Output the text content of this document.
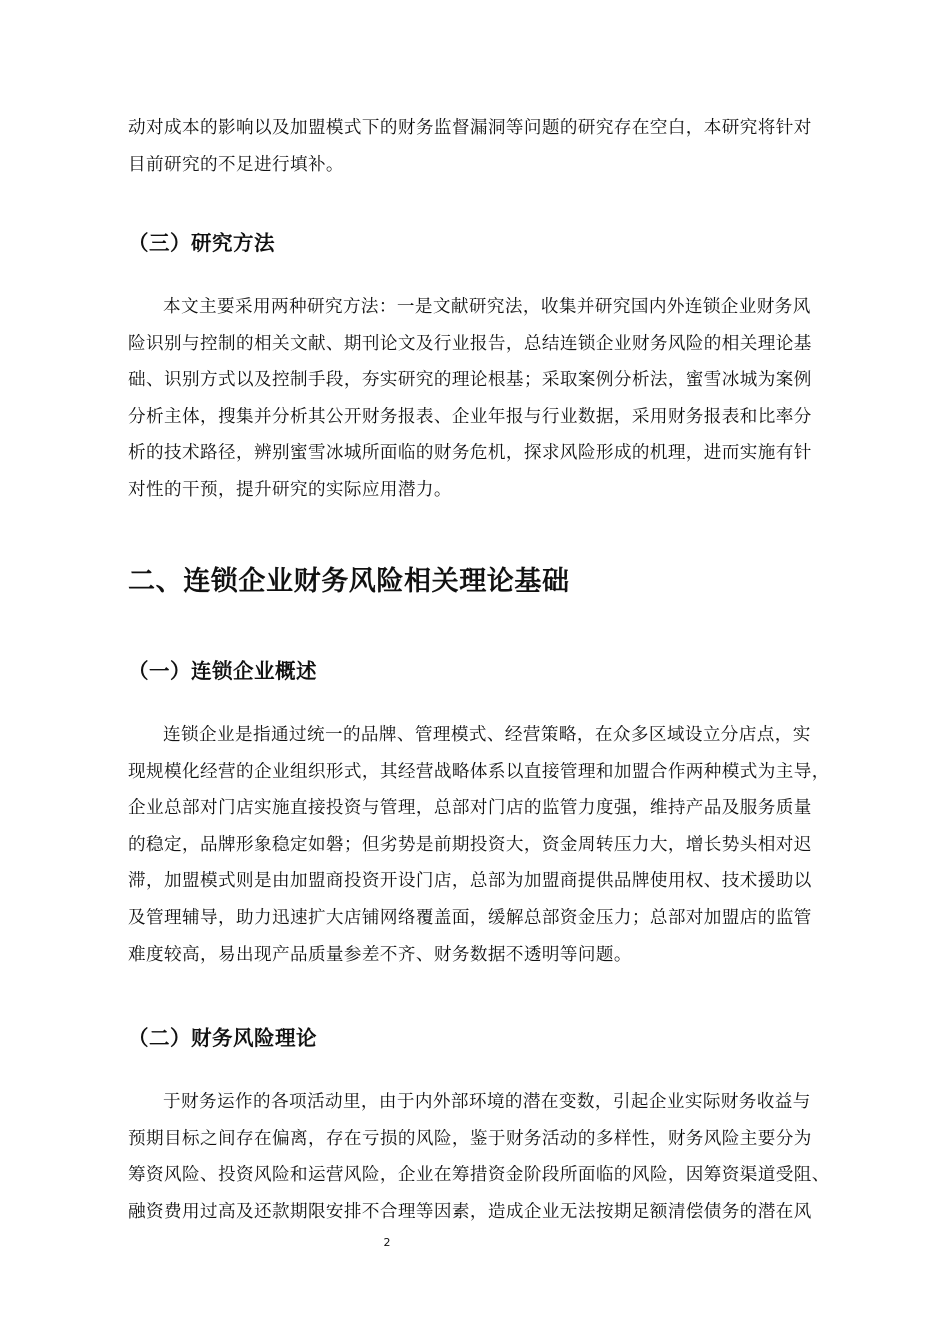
动对成本的影响以及加盟模式下的财务监督漏洞等问题的研究存在空白，本研究将针对
目前研究的不足进行填补。
（三）研究方法
本文主要采用两种研究方法：一是文献研究法，收集并研究国内外连锁企业财务风
险识别与控制的相关文献、期刊论文及行业报告，总结连锁企业财务风险的相关理论基
础、识别方式以及控制手段，夯实研究的理论根基；采取案例分析法，蜜雪冰城为案例
分析主体，搜集并分析其公开财务报表、企业年报与行业数据，采用财务报表和比率分
析的技术路径，辨别蜜雪冰城所面临的财务危机，探求风险形成的机理，进而实施有针
对性的干预，提升研究的实际应用潜力。
二、连锁企业财务风险相关理论基础
（一）连锁企业概述
连锁企业是指通过统一的品牌、管理模式、经营策略，在众多区域设立分店点，实
现规模化经营的企业组织形式，其经营战略体系以直接管理和加盟合作两种模式为主导，
企业总部对门店实施直接投资与管理，总部对门店的监管力度强，维持产品及服务质量
的稳定，品牌形象稳定如磐；但劣势是前期投资大，资金周转压力大，增长势头相对迟
滞，加盟模式则是由加盟商投资开设门店，总部为加盟商提供品牌使用权、技术援助以
及管理辅导，助力迅速扩大店铺网络覆盖面，缓解总部资金压力；总部对加盟店的监管
难度较高，易出现产品质量参差不齐、财务数据不透明等问题。
（二）财务风险理论
于财务运作的各项活动里，由于内外部环境的潜在变数，引起企业实际财务收益与
预期目标之间存在偏离，存在亏损的风险，鉴于财务活动的多样性，财务风险主要分为
筹资风险、投资风险和运营风险，企业在筹措资金阶段所面临的风险，因筹资渠道受阻、
融资费用过高及还款期限安排不合理等因素，造成企业无法按期足额清偿债务的潜在风
2
